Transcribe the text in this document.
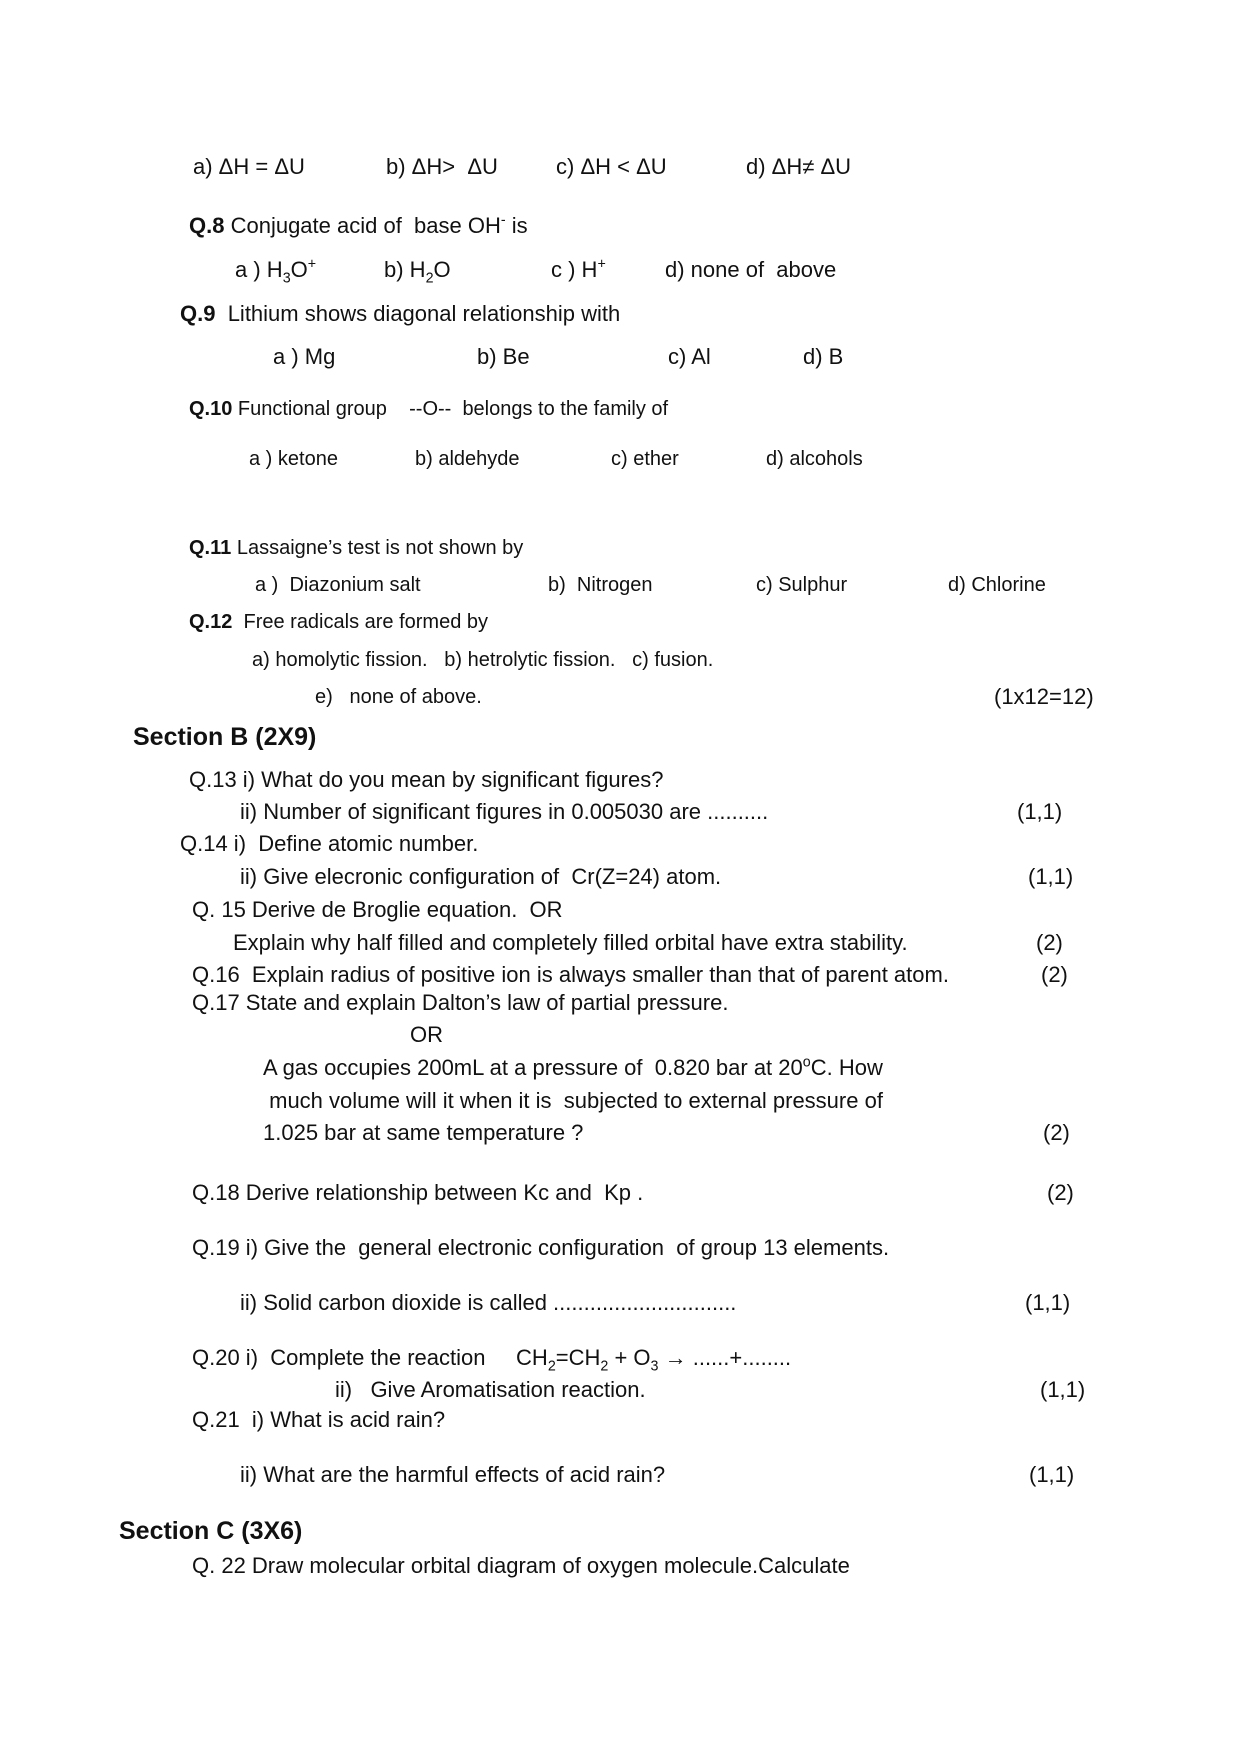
a) ΔH = ΔU	b) ΔH>  ΔU	c) ΔH < ΔU	d) ΔH≠ ΔU
Q.8 Conjugate acid of  base OH- is
a ) $H_3O^+$	b) $H_2O$	c ) H+	d) none of  above
Q.9  Lithium shows diagonal relationship with
a ) Mg	b) Be	c) Al	d) B
Q.10 Functional group    --O--  belongs to the family of
a ) ketone	b) aldehyde	c) ether	d) alcohols
Q.11 Lassaigne’s test is not shown by
a )  Diazonium salt	b)  Nitrogen	c) Sulphur	d) Chlorine
Q.12  Free radicals are formed by
a) homolytic fission.   b) hetrolytic fission.   c) fusion.
e)   none of above.	(1x12=12)
Section B (2X9)
Q.13 i) What do you mean by significant figures?
ii) Number of significant figures in 0.005030 are ..........	(1,1)
Q.14 i)  Define atomic number.
ii) Give elecronic configuration of  Cr(Z=24) atom.	(1,1)
Q. 15 Derive de Broglie equation.  OR
Explain why half filled and completely filled orbital have extra stability.	(2)
Q.16  Explain radius of positive ion is always smaller than that of parent atom.	(2)
Q.17 State and explain Dalton’s law of partial pressure.
OR
A gas occupies 200mL at a pressure of  0.820 bar at 20$^o$C. How
much volume will it when it is  subjected to external pressure of
1.025 bar at same temperature ?	(2)
Q.18 Derive relationship between Kc and  Kp .	(2)
Q.19 i) Give the  general electronic configuration  of group 13 elements.
ii) Solid carbon dioxide is called ..............................	(1,1)
Q.20 i)  Complete the reaction     $CH_2=CH_2 + O_3$ → ......+........
ii)   Give Aromatisation reaction.	(1,1)
Q.21  i) What is acid rain?
ii) What are the harmful effects of acid rain?	(1,1)
Section C (3X6)
Q. 22 Draw molecular orbital diagram of oxygen molecule.Calculate
